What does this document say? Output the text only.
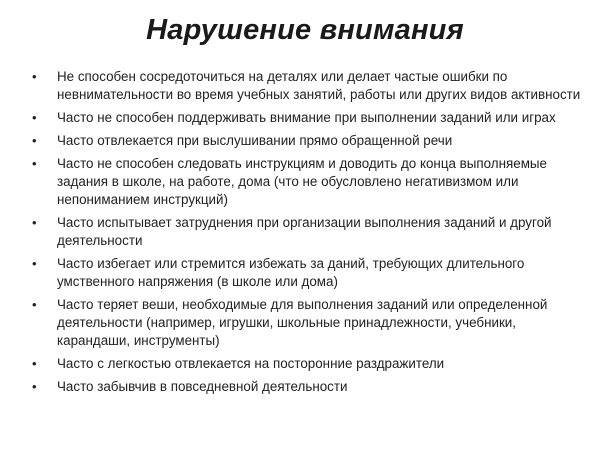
Нарушение внимания
• Не способен сосредоточиться на деталях или делает частые ошибки по невнимательности во время учебных занятий, работы или других видов активности
• Часто не способен поддерживать внимание при выполнении заданий или играх
• Часто отвлекается при выслушивании прямо обращенной речи
• Часто не способен следовать инструкциям и доводить до конца выполняемые задания в школе, на работе, дома (что не обусловлено негативизмом или непониманием инструкций)
• Часто испытывает затруднения при организации выполнения заданий и другой деятельности
• Часто избегает или стремится избежать за даний, требующих длительного умственного напряжения (в школе или дома)
• Часто теряет веши, необходимые для выполнения заданий или определенной деятельности (например, игрушки, школьные принадлежности, учебники, карандаши, инструменты)
• Часто с легкостью отвлекается на посторонние раздражители
• Часто забывчив в повседневной деятельности
